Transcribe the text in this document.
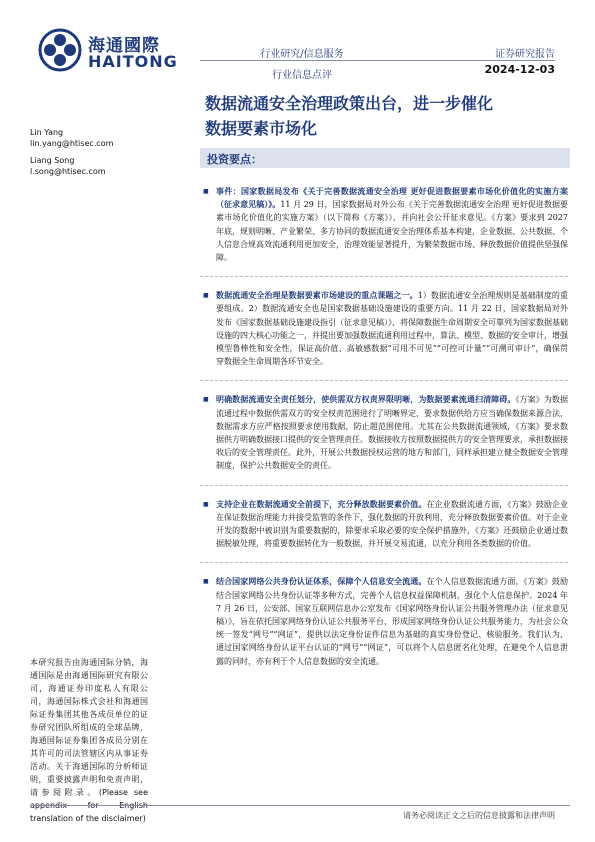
海通國際
HAITONG	行业研究/信息服务
行业信息点评
证券研究报告
2024-12-03
数据流通安全治理政策出台，进一步催化
数据要素市场化
Lin Yang
lin.yang@htisec.com
Liang Song
l.song@htisec.com
投资要点：
■ 事件：国家数据局发布《关于完善数据流通安全治理 更好促进数据要素市场化价值化的实施方案（征求意见稿）》。11 月 29 日，国家数据局对外公布《关于完善数据流通安全治理 更好促进数据要素市场化价值化的实施方案》（以下简称《方案》），并向社会公开征求意见。《方案》要求到 2027 年底，规则明晰、产业繁荣、多方协同的数据流通安全治理体系基本构建，企业数据、公共数据、个人信息合规高效流通利用更加安全，治理效能显著提升，为繁荣数据市场、释放数据价值提供坚强保障。
■ 数据流通安全治理是数据要素市场建设的重点课题之一。1）数据流通安全治理规则是基础制度的重要组成。2）数据流通安全也是国家数据基础设施建设的重要方向。11 月 22 日，国家数据局对外发布《国家数据基础设施建设指引（征求意见稿）》，将保障数据生命周期安全可靠列为国家数据基础设施的四大核心功能之一，并提出要加强数据流通利用过程中，算法、模型、数据的安全审计，增强模型鲁棒性和安全性，保证高价值、高敏感数据“可用不可见”“可控可计量”“可溯可审计”，确保贯穿数据全生命周期各环节安全。
■ 明确数据流通安全责任划分，使供需双方权责界限明晰，为数据要素流通扫清障碍。《方案》为数据流通过程中数据供需双方的安全权责范围进行了明晰界定，要求数据供给方应当确保数据来源合法，数据需求方应严格按照要求使用数据，防止超范围使用。尤其在公共数据流通领域，《方案》要求数据供方明确数据接口提供的安全管理责任。数据接收方按照数据提供方的安全管理要求，承担数据接收后的安全管理责任。此外，开展公共数据授权运营的地方和部门，同样承担建立健全数据安全管理制度，保护公共数据安全的责任。
■ 支持企业在数据流通安全前提下，充分释放数据要素价值。在企业数据流通方面，《方案》鼓励企业在保证数据治理能力并接受监管的条件下，强化数据的开放利用，充分释放数据要素价值。对于企业开发的数据中被识别为重要数据的，除要求采取必要的安全保护措施外，《方案》还鼓励企业通过数据脱敏处理，将重要数据转化为一般数据，并开展交易流通，以充分利用各类数据的价值。
■ 结合国家网络公共身份认证体系，保障个人信息安全流通。在个人信息数据流通方面，《方案》鼓励结合国家网络公共身份认证等多种方式，完善个人信息权益保障机制，强化个人信息保护。2024 年 7 月 26 日，公安部、国家互联网信息办公室发布《国家网络身份认证公共服务管理办法（征求意见稿）》，旨在依托国家网络身份认证公共服务平台，形成国家网络身份认证公共服务能力，为社会公众统一签发“网号”“网证”，提供以法定身份证件信息为基础的真实身份登记、核验服务。我们认为，通过国家网络身份认证平台认证的“网号”“网证”，可以将个人信息匿名化处理，在避免个人信息泄露的同时，亦有利于个人信息数据的安全流通。
本研究报告由海通国际分销，海通国际是由海通国际研究有限公司，海通证券印度私人有限公司，海通国际株式会社和海通国际证券集团其他各成员单位的证券研究团队所组成的全球品牌，海通国际证券集团各成员分别在其许可的司法管辖区内从事证券活动。关于海通国际的分析师证明，重要披露声明和免责声明，请参阅附录。(Please see translation of the disclaimer)	请务必阅读正文之后的信息披露和法律声明
